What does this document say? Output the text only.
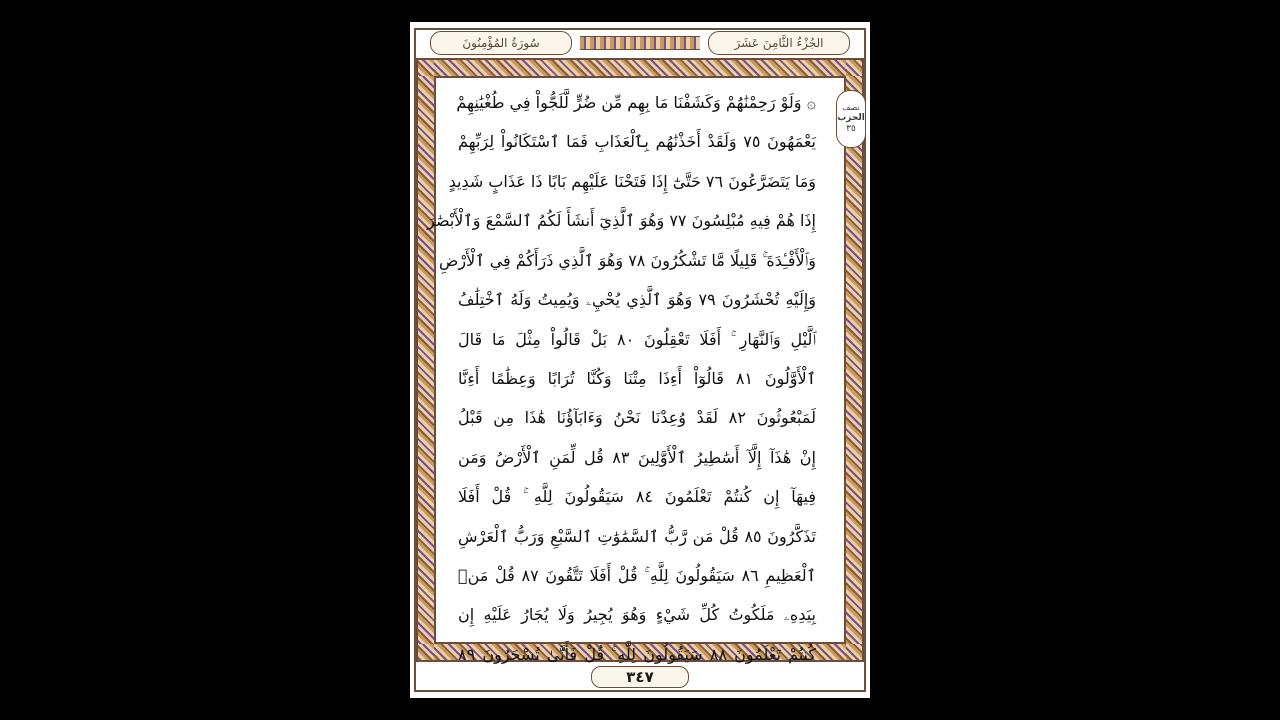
سُورَةُ المُؤْمِنُونَ	الجُزْءُ الثَّامِنَ عَشَرَ
نصف
الحزب
٣٥
۞ وَلَوْ رَحِمْنَٰهُمْ وَكَشَفْنَا مَا بِهِم مِّن ضُرٍّ لَّلَجُّواْ فِي طُغْيَٰنِهِمْ
يَعْمَهُونَ ٧٥ وَلَقَدْ أَخَذْنَٰهُم بِٱلْعَذَابِ فَمَا ٱسْتَكَانُواْ لِرَبِّهِمْ
وَمَا يَتَضَرَّعُونَ ٧٦ حَتَّىٰٓ إِذَا فَتَحْنَا عَلَيْهِم بَابًا ذَا عَذَابٍ شَدِيدٍ
إِذَا هُمْ فِيهِ مُبْلِسُونَ ٧٧ وَهُوَ ٱلَّذِيٓ أَنشَأَ لَكُمُ ٱلسَّمْعَ وَٱلْأَبْصَٰرَ
وَٱلْأَفْـِٔدَةَ ۚ قَلِيلًا مَّا تَشْكُرُونَ ٧٨ وَهُوَ ٱلَّذِي ذَرَأَكُمْ فِي ٱلْأَرْضِ
وَإِلَيْهِ تُحْشَرُونَ ٧٩ وَهُوَ ٱلَّذِي يُحْيِۦ وَيُمِيتُ وَلَهُ ٱخْتِلَٰفُ
ٱلَّيْلِ وَٱلنَّهَارِ ۚ أَفَلَا تَعْقِلُونَ ٨٠ بَلْ قَالُواْ مِثْلَ مَا قَالَ
ٱلْأَوَّلُونَ ٨١ قَالُوٓاْ أَءِذَا مِتْنَا وَكُنَّا تُرَابًا وَعِظَٰمًا أَءِنَّا
لَمَبْعُوثُونَ ٨٢ لَقَدْ وُعِدْنَا نَحْنُ وَءَابَآؤُنَا هَٰذَا مِن قَبْلُ
إِنْ هَٰذَآ إِلَّآ أَسَٰطِيرُ ٱلْأَوَّلِينَ ٨٣ قُل لِّمَنِ ٱلْأَرْضُ وَمَن
فِيهَآ إِن كُنتُمْ تَعْلَمُونَ ٨٤ سَيَقُولُونَ لِلَّهِ ۚ قُلْ أَفَلَا
تَذَكَّرُونَ ٨٥ قُلْ مَن رَّبُّ ٱلسَّمَٰوَٰتِ ٱلسَّبْعِ وَرَبُّ ٱلْعَرْشِ
ٱلْعَظِيمِ ٨٦ سَيَقُولُونَ لِلَّهِ ۚ قُلْ أَفَلَا تَتَّقُونَ ٨٧ قُلْ مَنۢ
بِيَدِهِۦ مَلَكُوتُ كُلِّ شَيْءٍ وَهُوَ يُجِيرُ وَلَا يُجَارُ عَلَيْهِ إِن
كُنتُمْ تَعْلَمُونَ ٨٨ سَيَقُولُونَ لِلَّهِ ۚ قُلْ فَأَنَّىٰ تُسْحَرُونَ ٨٩
٣٤٧
